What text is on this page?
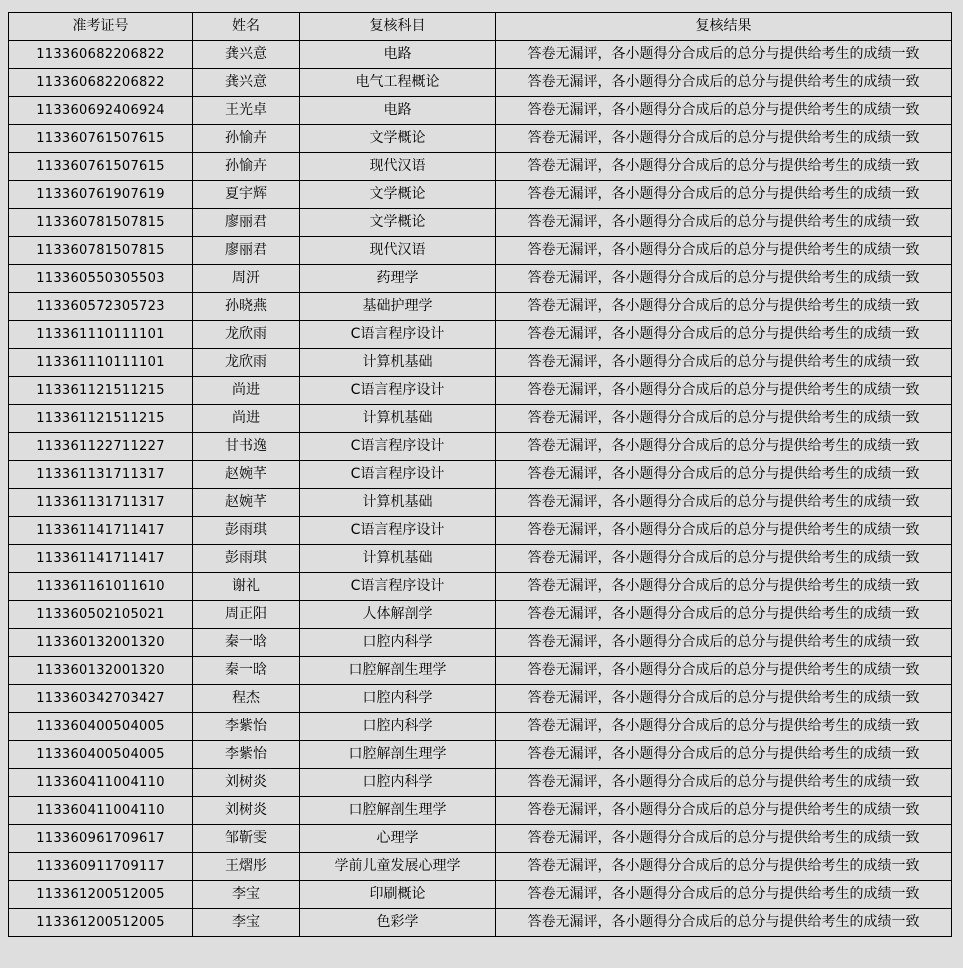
准考证号	姓名	复核科目	复核结果
113360682206822	龚兴意	电路	答卷无漏评，各小题得分合成后的总分与提供给考生的成绩一致
113360682206822	龚兴意	电气工程概论	答卷无漏评，各小题得分合成后的总分与提供给考生的成绩一致
113360692406924	王光卓	电路	答卷无漏评，各小题得分合成后的总分与提供给考生的成绩一致
113360761507615	孙愉卉	文学概论	答卷无漏评，各小题得分合成后的总分与提供给考生的成绩一致
113360761507615	孙愉卉	现代汉语	答卷无漏评，各小题得分合成后的总分与提供给考生的成绩一致
113360761907619	夏宇辉	文学概论	答卷无漏评，各小题得分合成后的总分与提供给考生的成绩一致
113360781507815	廖丽君	文学概论	答卷无漏评，各小题得分合成后的总分与提供给考生的成绩一致
113360781507815	廖丽君	现代汉语	答卷无漏评，各小题得分合成后的总分与提供给考生的成绩一致
113360550305503	周汧	药理学	答卷无漏评，各小题得分合成后的总分与提供给考生的成绩一致
113360572305723	孙晓燕	基础护理学	答卷无漏评，各小题得分合成后的总分与提供给考生的成绩一致
113361110111101	龙欣雨	C语言程序设计	答卷无漏评，各小题得分合成后的总分与提供给考生的成绩一致
113361110111101	龙欣雨	计算机基础	答卷无漏评，各小题得分合成后的总分与提供给考生的成绩一致
113361121511215	尚进	C语言程序设计	答卷无漏评，各小题得分合成后的总分与提供给考生的成绩一致
113361121511215	尚进	计算机基础	答卷无漏评，各小题得分合成后的总分与提供给考生的成绩一致
113361122711227	甘书逸	C语言程序设计	答卷无漏评，各小题得分合成后的总分与提供给考生的成绩一致
113361131711317	赵婉芊	C语言程序设计	答卷无漏评，各小题得分合成后的总分与提供给考生的成绩一致
113361131711317	赵婉芊	计算机基础	答卷无漏评，各小题得分合成后的总分与提供给考生的成绩一致
113361141711417	彭雨琪	C语言程序设计	答卷无漏评，各小题得分合成后的总分与提供给考生的成绩一致
113361141711417	彭雨琪	计算机基础	答卷无漏评，各小题得分合成后的总分与提供给考生的成绩一致
113361161011610	谢礼	C语言程序设计	答卷无漏评，各小题得分合成后的总分与提供给考生的成绩一致
113360502105021	周正阳	人体解剖学	答卷无漏评，各小题得分合成后的总分与提供给考生的成绩一致
113360132001320	秦一晗	口腔内科学	答卷无漏评，各小题得分合成后的总分与提供给考生的成绩一致
113360132001320	秦一晗	口腔解剖生理学	答卷无漏评，各小题得分合成后的总分与提供给考生的成绩一致
113360342703427	程杰	口腔内科学	答卷无漏评，各小题得分合成后的总分与提供给考生的成绩一致
113360400504005	李紫怡	口腔内科学	答卷无漏评，各小题得分合成后的总分与提供给考生的成绩一致
113360400504005	李紫怡	口腔解剖生理学	答卷无漏评，各小题得分合成后的总分与提供给考生的成绩一致
113360411004110	刘树炎	口腔内科学	答卷无漏评，各小题得分合成后的总分与提供给考生的成绩一致
113360411004110	刘树炎	口腔解剖生理学	答卷无漏评，各小题得分合成后的总分与提供给考生的成绩一致
113360961709617	邹靳雯	心理学	答卷无漏评，各小题得分合成后的总分与提供给考生的成绩一致
113360911709117	王熠彤	学前儿童发展心理学	答卷无漏评，各小题得分合成后的总分与提供给考生的成绩一致
113361200512005	李宝	印刷概论	答卷无漏评，各小题得分合成后的总分与提供给考生的成绩一致
113361200512005	李宝	色彩学	答卷无漏评，各小题得分合成后的总分与提供给考生的成绩一致
